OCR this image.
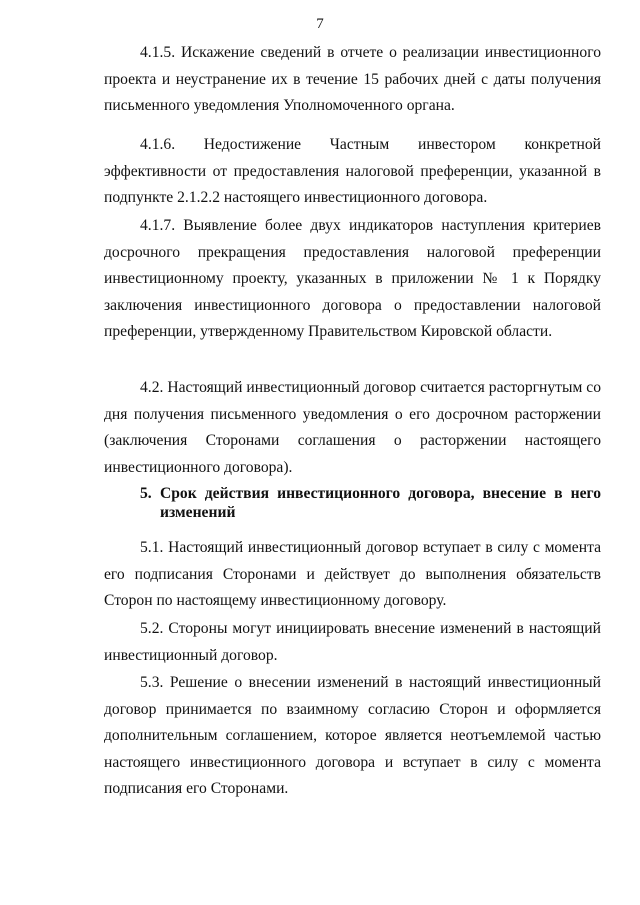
7

4.1.5. Искажение сведений в отчете о реализации инвестиционного проекта и неустранение их в течение 15 рабочих дней с даты получения письменного уведомления Уполномоченного органа.

4.1.6. Недостижение Частным инвестором конкретной эффективности от предоставления налоговой преференции, указанной в подпункте 2.1.2.2 настоящего инвестиционного договора.

4.1.7. Выявление более двух индикаторов наступления критериев досрочного прекращения предоставления налоговой преференции инвестиционному проекту, указанных в приложении № 1 к Порядку заключения инвестиционного договора о предоставлении налоговой преференции, утвержденному Правительством Кировской области.

4.2. Настоящий инвестиционный договор считается расторгнутым со дня получения письменного уведомления о его досрочном расторжении (заключения Сторонами соглашения о расторжении настоящего инвестиционного договора).

5. Срок действия инвестиционного договора, внесение в него изменений

5.1. Настоящий инвестиционный договор вступает в силу с момента его подписания Сторонами и действует до выполнения обязательств Сторон по настоящему инвестиционному договору.

5.2. Стороны могут инициировать внесение изменений в настоящий инвестиционный договор.

5.3. Решение о внесении изменений в настоящий инвестиционный договор принимается по взаимному согласию Сторон и оформляется дополнительным соглашением, которое является неотъемлемой частью настоящего инвестиционного договора и вступает в силу с момента подписания его Сторонами.
